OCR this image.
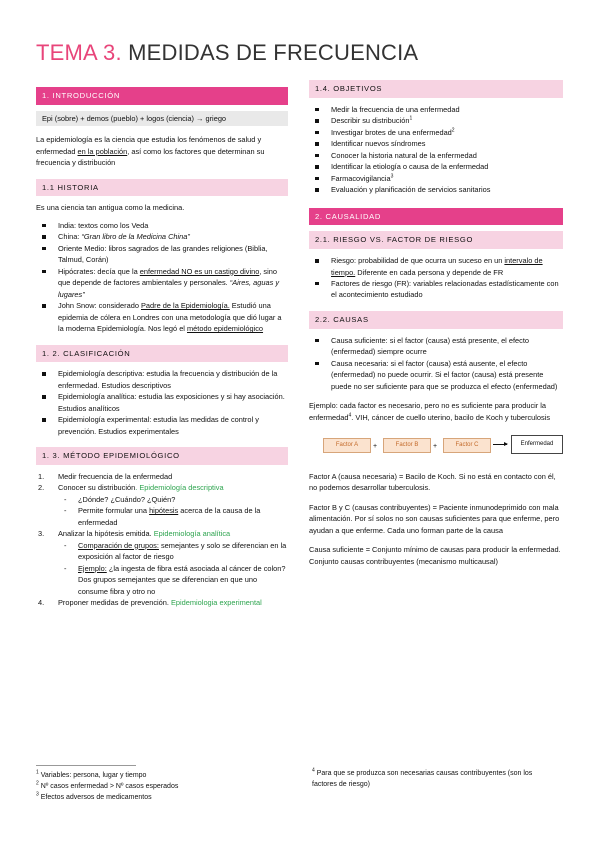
TEMA 3. MEDIDAS DE FRECUENCIA
1. INTRODUCCIÓN
Epi (sobre) + demos (pueblo) + logos (ciencia) → griego

La epidemiología es la ciencia que estudia los fenómenos de salud y enfermedad en la población, así como los factores que determinan su frecuencia y distribución

1.1 HISTORIA

Es una ciencia tan antigua como la medicina.

India: textos como los Veda
China: “Gran libro de la Medicina China”
Oriente Medio: libros sagrados de las grandes religiones (Biblia, Talmud, Corán)
Hipócrates: decía que la enfermedad NO es un castigo divino, sino que depende de factores ambientales y personales. “Aires, aguas y lugares”
John Snow: considerado Padre de la Epidemiología. Estudió una epidemia de cólera en Londres con una metodología que dió lugar a la moderna Epidemiología. Nos legó el método epidemiológico
1. 2. CLASIFICACIÓN
Epidemiología descriptiva: estudia la frecuencia y distribución de la enfermedad. Estudios descriptivos
Epidemiología analítica: estudia las exposiciones y si hay asociación. Estudios analíticos
Epidemiología experimental: estudia las medidas de control y prevención. Estudios experimentales
1. 3. MÉTODO EPIDEMIOLÓGICO
1. Medir frecuencia de la enfermedad
2. Conocer su distribución. Epidemiología descriptiva
- ¿Dónde? ¿Cuándo? ¿Quién?
- Permite formular una hipótesis acerca de la causa de la enfermedad
3. Analizar la hipótesis emitida. Epidemiología analítica
- Comparación de grupos: semejantes y solo se diferencian en la exposición al factor de riesgo
- Ejemplo: ¿la ingesta de fibra está asociada al cáncer de colon? Dos grupos semejantes que se diferencian en que uno consume fibra y otro no
4. Proponer medidas de prevención. Epidemiologia experimental
$^1$ Variables: persona, lugar y tiempo
$^2$ Nº casos enfermedad > Nº casos esperados
$^3$ Efectos adversos de medicamentos
1.4. OBJETIVOS
Medir la frecuencia de una enfermedad
Describir su distribución$^1$
Investigar brotes de una enfermedad$^2$
Identificar nuevos síndromes
Conocer la historia natural de la enfermedad
Identificar la etiología o causa de la enfermedad
Farmacovigilancia$^3$
Evaluación y planificación de servicios sanitarios
2. CAUSALIDAD
2.1. RIESGO VS. FACTOR DE RIESGO
Riesgo: probabilidad de que ocurra un suceso en un intervalo de tiempo. Diferente en cada persona y depende de FR
Factores de riesgo (FR): variables relacionadas estadísticamente con el acontecimiento estudiado
2.2. CAUSAS
Causa suficiente: si el factor (causa) está presente, el efecto (enfermedad) siempre ocurre
Causa necesaria: si el factor (causa) está ausente, el efecto (enfermedad) no puede ocurrir. Si el factor (causa) está presente puede no ser suficiente para que se produzca el efecto (enfermedad)

Ejemplo: cada factor es necesario, pero no es suficiente para producir la enfermedad$^4$. VIH, cáncer de cuello uterino, bacilo de Koch y tuberculosis

Factor A	+	Factor B	+	Factor C	Enfermedad

Factor A (causa necesaria) = Bacilo de Koch. Si no está en contacto con él, no podemos desarrollar tuberculosis.

Factor B y C (causas contribuyentes) = Paciente inmunodeprimido con mala alimentación. Por sí solos no son causas suficientes para que enferme, pero ayudan a que enferme. Cada uno forman parte de la causa

Causa suficiente = Conjunto mínimo de causas para producir la enfermedad. Conjunto causas contribuyentes (mecanismo multicausal)

$^4$ Para que se produzca son necesarias causas contribuyentes (son los factores de riesgo)
